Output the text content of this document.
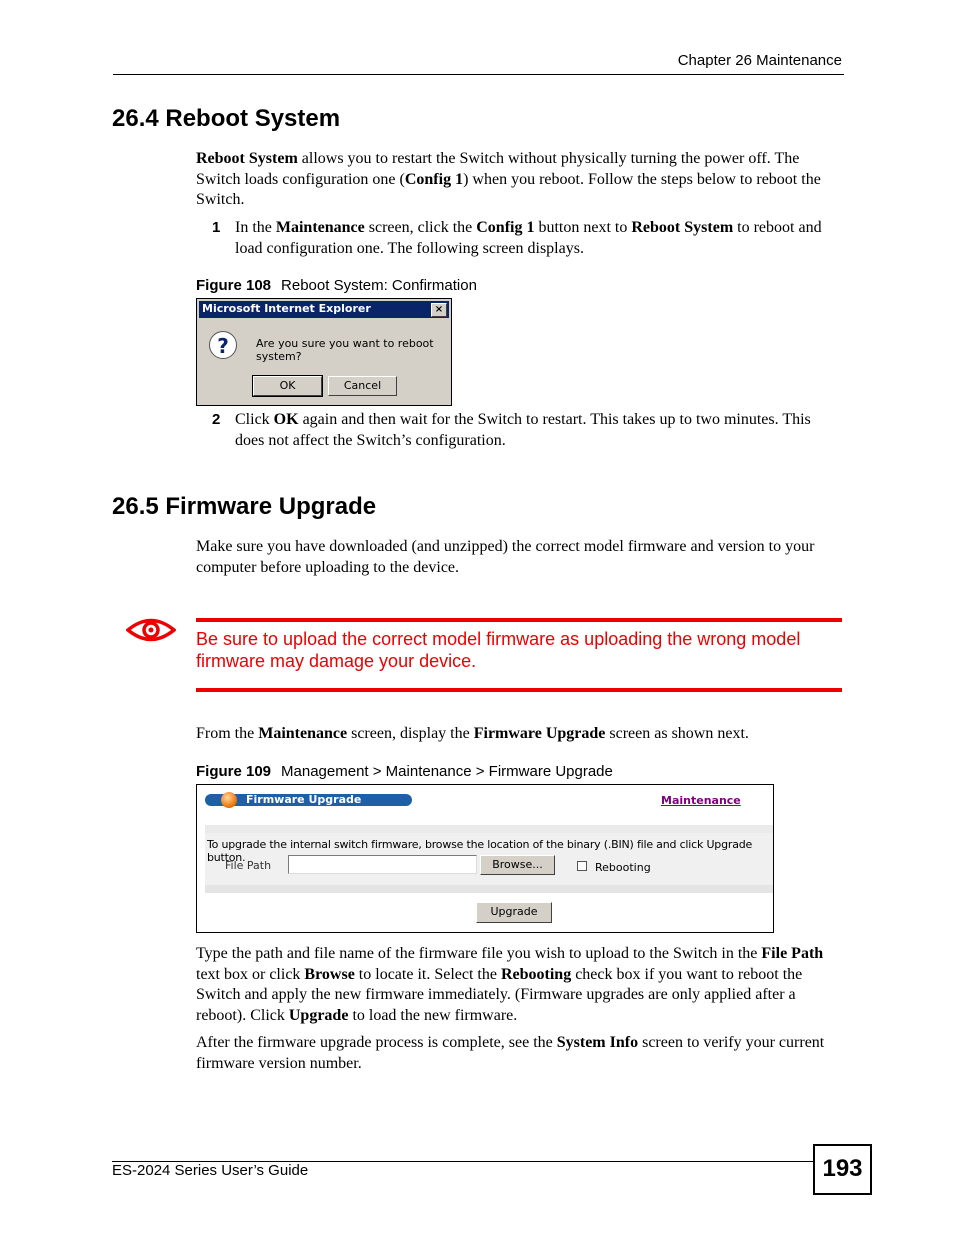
Chapter 26 Maintenance
26.4 Reboot System
Reboot System allows you to restart the Switch without physically turning the power off. The Switch loads configuration one (Config 1) when you reboot. Follow the steps below to reboot the Switch.
1 In the Maintenance screen, click the Config 1 button next to Reboot System to reboot and load configuration one. The following screen displays.
Figure 108 Reboot System: Confirmation
Microsoft Internet Explorer	×
?	Are you sure you want to reboot system?
OK	Cancel
2 Click OK again and then wait for the Switch to restart. This takes up to two minutes. This does not affect the Switch’s configuration.
26.5 Firmware Upgrade
Make sure you have downloaded (and unzipped) the correct model firmware and version to your computer before uploading to the device.
Be sure to upload the correct model firmware as uploading the wrong model firmware may damage your device.
From the Maintenance screen, display the Firmware Upgrade screen as shown next.
Figure 109 Management > Maintenance > Firmware Upgrade
Firmware Upgrade	Maintenance
To upgrade the internal switch firmware, browse the location of the binary (.BIN) file and click Upgrade button.
File Path	Browse...	Rebooting
Upgrade
Type the path and file name of the firmware file you wish to upload to the Switch in the File Path text box or click Browse to locate it. Select the Rebooting check box if you want to reboot the Switch and apply the new firmware immediately. (Firmware upgrades are only applied after a reboot). Click Upgrade to load the new firmware.
After the firmware upgrade process is complete, see the System Info screen to verify your current firmware version number.
ES-2024 Series User’s Guide	193
